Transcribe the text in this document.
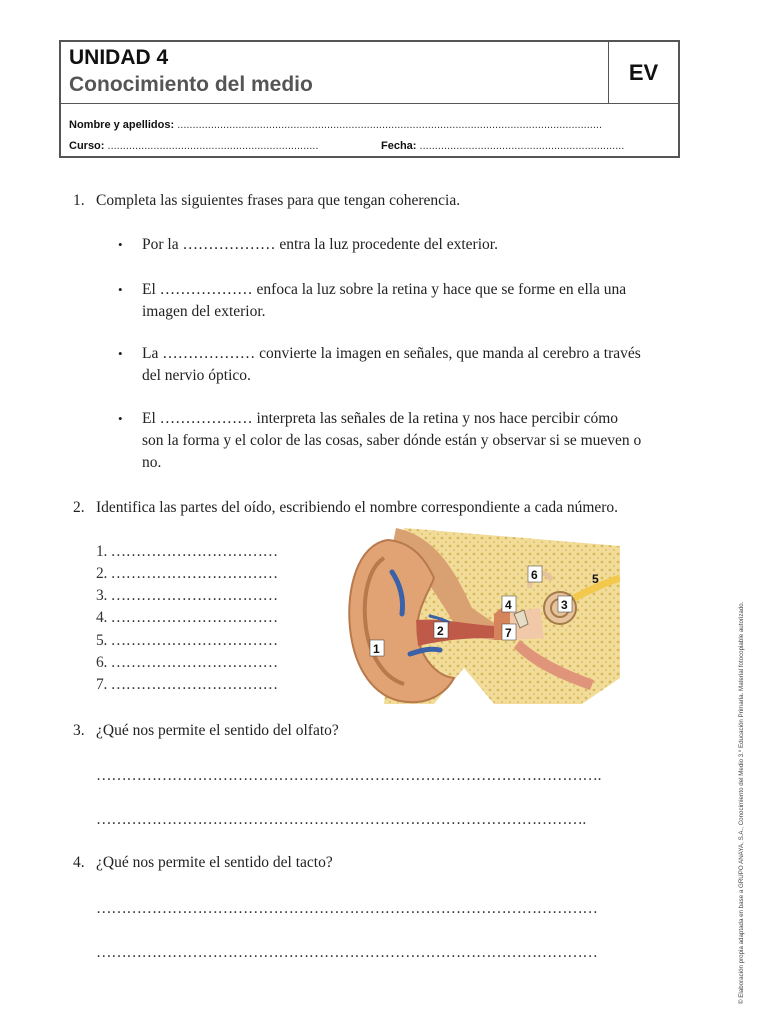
UNIDAD 4
Conocimiento del medio	EV
Nombre y apellidos: ...........................................................................................................................................
Curso: .....................................................................	Fecha: ...................................................................
1. Completa las siguientes frases para que tengan coherencia.
• Por la ……………… entra la luz procedente del exterior.
• El ……………… enfoca la luz sobre la retina y hace que se forme en ella una
imagen del exterior.
• La ……………… convierte la imagen en señales, que manda al cerebro a través
del nervio óptico.
• El ……………… interpreta las señales de la retina y nos hace percibir cómo
son la forma y el color de las cosas, saber dónde están y observar si se mueven o
no.
2. Identifica las partes del oído, escribiendo el nombre correspondiente a cada número.
1. ……………………………
2. ……………………………
3. ……………………………
4. ……………………………
5. ……………………………
6. ……………………………
7. ……………………………
1
2
3
4
5
6
7
3. ¿Qué nos permite el sentido del olfato?
……………………………………………………………………………………….
…………………………………………………………………………………….
4. ¿Qué nos permite el sentido del tacto?
………………………………………………………………………………………
………………………………………………………………………………………	© Elaboración propia adaptada en base a GRUPO ANAYA, S.A., Conocimiento del Medio 3.º Educación Primaria. Material fotocopiable autorizado.
